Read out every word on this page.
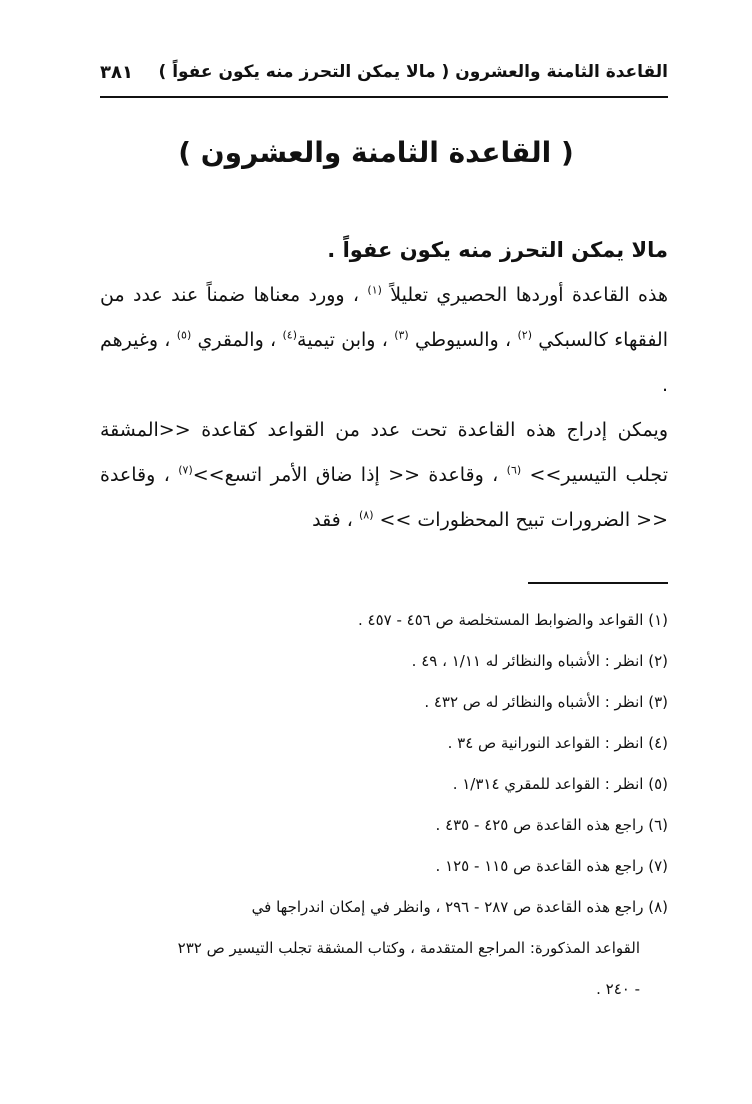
القاعدة الثامنة والعشرون ( مالا يمكن التحرز منه يكون عفواً )
٣٨١
( القاعدة الثامنة والعشرون )

مالا يمكن التحرز منه يكون عفواً .

هذه القاعدة أوردها الحصيري تعليلاً $^{(١)}$ ، وورد معناها ضمناً عند عدد من الفقهاء كالسبكي $^{(٢)}$ ، والسيوطي $^{(٣)}$ ، وابن تيمية$^{(٤)}$ ، والمقري $^{(٥)}$ ، وغيرهم .

ويمكن إدراج هذه القاعدة تحت عدد من القواعد كقاعدة <<المشقة تجلب التيسير>> $^{(٦)}$ ، وقاعدة << إذا ضاق الأمر اتسع>>$^{(٧)}$ ، وقاعدة << الضرورات تبيح المحظورات >> $^{(٨)}$ ، فقد

(١) القواعد والضوابط المستخلصة ص ٤٥٦ - ٤٥٧ .

(٢) انظر : الأشباه والنظائر له ١/١١ ، ٤٩ .

(٣) انظر : الأشباه والنظائر له ص ٤٣٢ .

(٤) انظر : القواعد النورانية ص ٣٤ .

(٥) انظر : القواعد للمقري ١/٣١٤ .

(٦) راجع هذه القاعدة ص ٤٢٥ - ٤٣٥ .

(٧) راجع هذه القاعدة ص ١١٥ - ١٢٥ .

(٨) راجع هذه القاعدة ص ٢٨٧ - ٢٩٦ ، وانظر في إمكان اندراجها في

القواعد المذكورة: المراجع المتقدمة ، وكتاب المشقة تجلب التيسير ص ٢٣٢

- ٢٤٠ .
